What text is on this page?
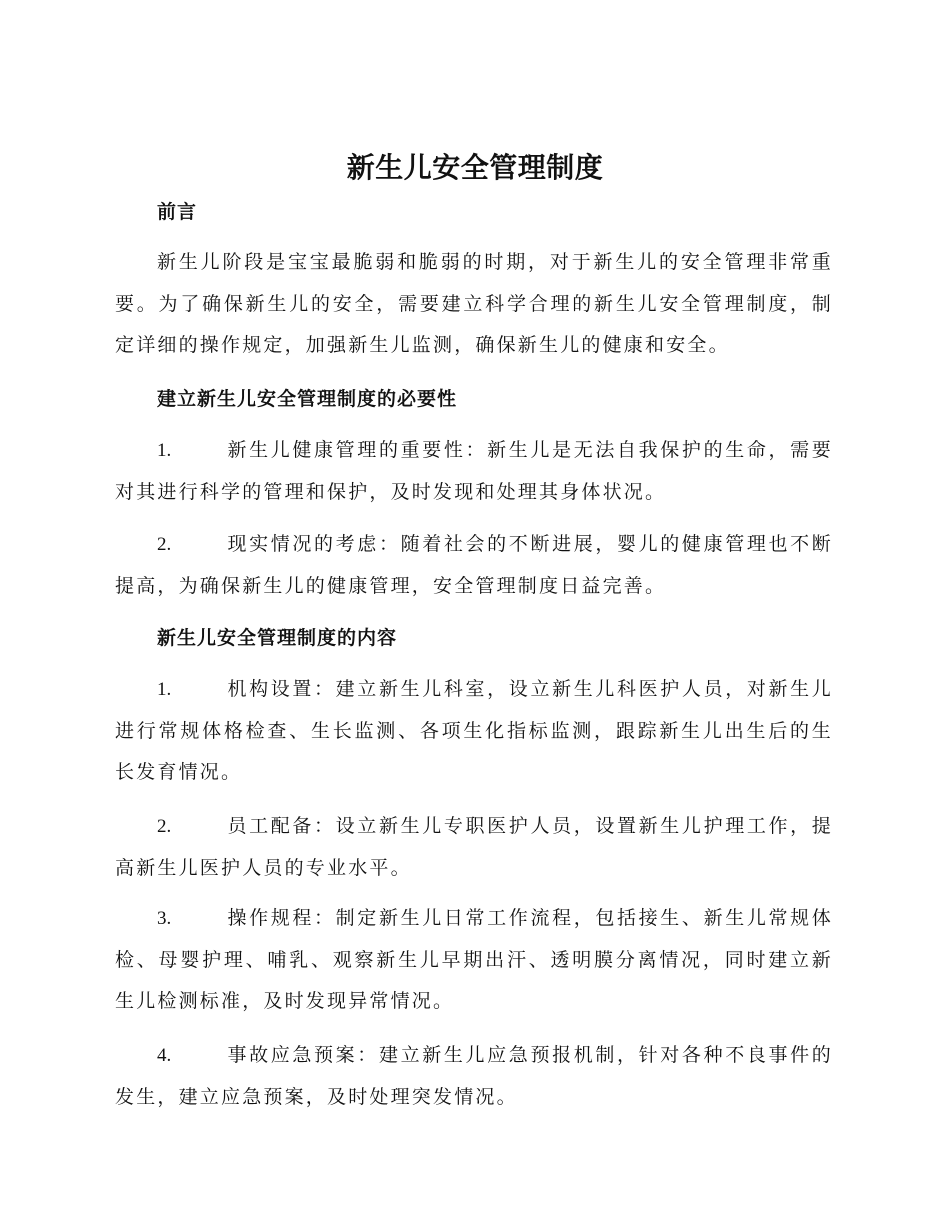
新生儿安全管理制度
前言

新生儿阶段是宝宝最脆弱和脆弱的时期，对于新生儿的安全管理非常重要。为了确保新生儿的安全，需要建立科学合理的新生儿安全管理制度，制定详细的操作规定，加强新生儿监测，确保新生儿的健康和安全。

建立新生儿安全管理制度的必要性

1.	新生儿健康管理的重要性：新生儿是无法自我保护的生命，需要对其进行科学的管理和保护，及时发现和处理其身体状况。

2.	现实情况的考虑：随着社会的不断进展，婴儿的健康管理也不断提高，为确保新生儿的健康管理，安全管理制度日益完善。

新生儿安全管理制度的内容

1.	机构设置：建立新生儿科室，设立新生儿科医护人员，对新生儿进行常规体格检查、生长监测、各项生化指标监测，跟踪新生儿出生后的生长发育情况。

2.	员工配备：设立新生儿专职医护人员，设置新生儿护理工作，提高新生儿医护人员的专业水平。

3.	操作规程：制定新生儿日常工作流程，包括接生、新生儿常规体检、母婴护理、哺乳、观察新生儿早期出汗、透明膜分离情况，同时建立新生儿检测标准，及时发现异常情况。

4.	事故应急预案：建立新生儿应急预报机制，针对各种不良事件的发生，建立应急预案，及时处理突发情况。
